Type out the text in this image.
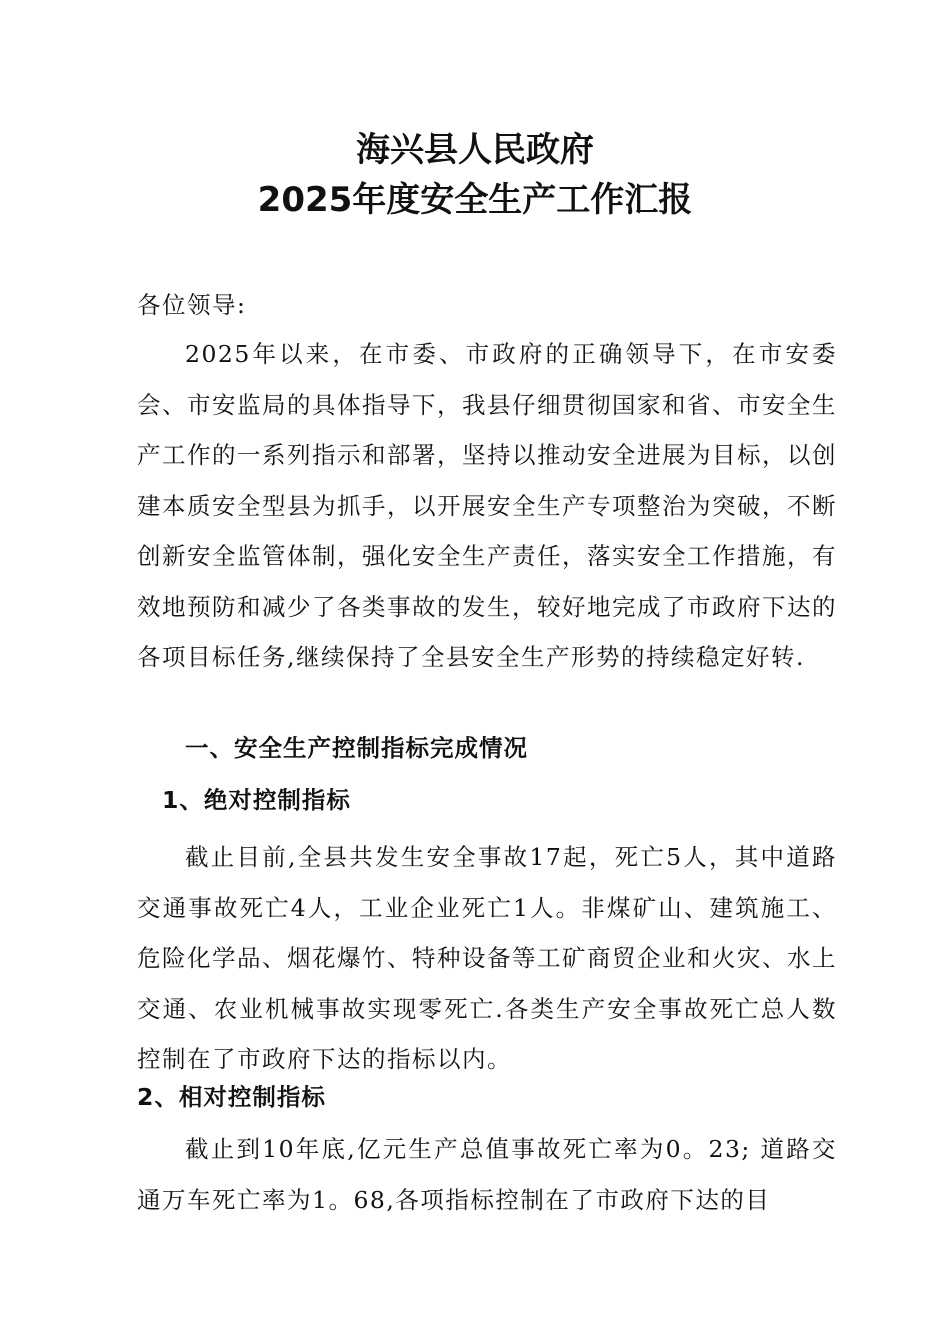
海兴县人民政府
2025年度安全生产工作汇报

各位领导:

2025年以来，在市委、市政府的正确领导下，在市安委会、市安监局的具体指导下，我县仔细贯彻国家和省、市安全生产工作的一系列指示和部署，坚持以推动安全进展为目标，以创建本质安全型县为抓手，以开展安全生产专项整治为突破，不断创新安全监管体制，强化安全生产责任，落实安全工作措施，有效地预防和减少了各类事故的发生，较好地完成了市政府下达的各项目标任务,继续保持了全县安全生产形势的持续稳定好转.

一、安全生产控制指标完成情况
1、绝对控制指标

截止目前,全县共发生安全事故17起，死亡5人，其中道路交通事故死亡4人，工业企业死亡1人。非煤矿山、建筑施工、危险化学品、烟花爆竹、特种设备等工矿商贸企业和火灾、水上交通、农业机械事故实现零死亡.各类生产安全事故死亡总人数控制在了市政府下达的指标以内。

2、相对控制指标

截止到10年底,亿元生产总值事故死亡率为0。23; 道路交通万车死亡率为1。68,各项指标控制在了市政府下达的目
